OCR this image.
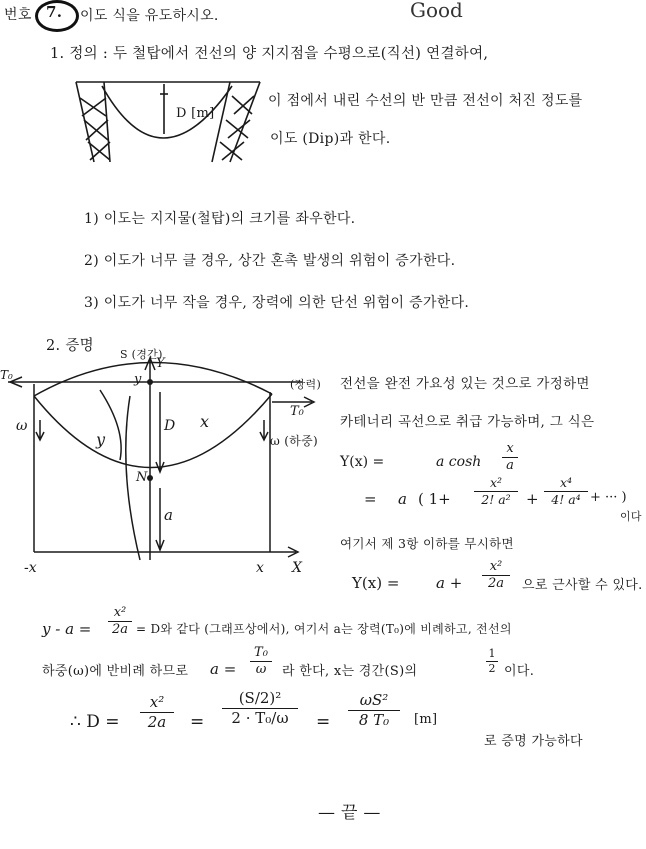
번호 7. 이도 식을 유도하시오.	Good
1. 정의 : 두 철탑에서 전선의 양 지지점을 수평으로(직선) 연결하여,
이 점에서 내린 수선의 반 만큼 전선이 처진 정도를
이도 (Dip)과 한다.
D [m]
1) 이도는 지지물(철탑)의 크기를 좌우한다.
2) 이도가 너무 클 경우, 상간 혼촉 발생의 위험이 증가한다.
3) 이도가 너무 작을 경우, 장력에 의한 단선 위험이 증가한다.
2. 증명
S (경간)
Y
y	(장력)
T₀
T₀
ω
ω (하중)
D x
y
N
a
-x	x X
전선을 완전 가요성 있는 것으로 가정하면
카테너리 곡선으로 취급 가능하며, 그 식은
Y(x) =	a cosh
x
a
= a ( 1+
x²
2! a²	+
x⁴
4! a⁴ + ··· )
이다
여기서 제 3항 이하를 무시하면
Y(x) = a +
x²
2a	으로 근사할 수 있다.
y - a =
x²
2a = D와 같다 (그래프상에서), 여기서 a는 장력(T₀)에 비례하고, 전선의
하중(ω)에 반비례 하므로 a =
T₀
ω	라 한다, x는 경간(S)의
1
2 이다.
∴ D =
x²
2a	=
(S/2)²
2 · T₀/ω	=
ωS²
8 T₀	[m]
로 증명 가능하다
— 끝 —
